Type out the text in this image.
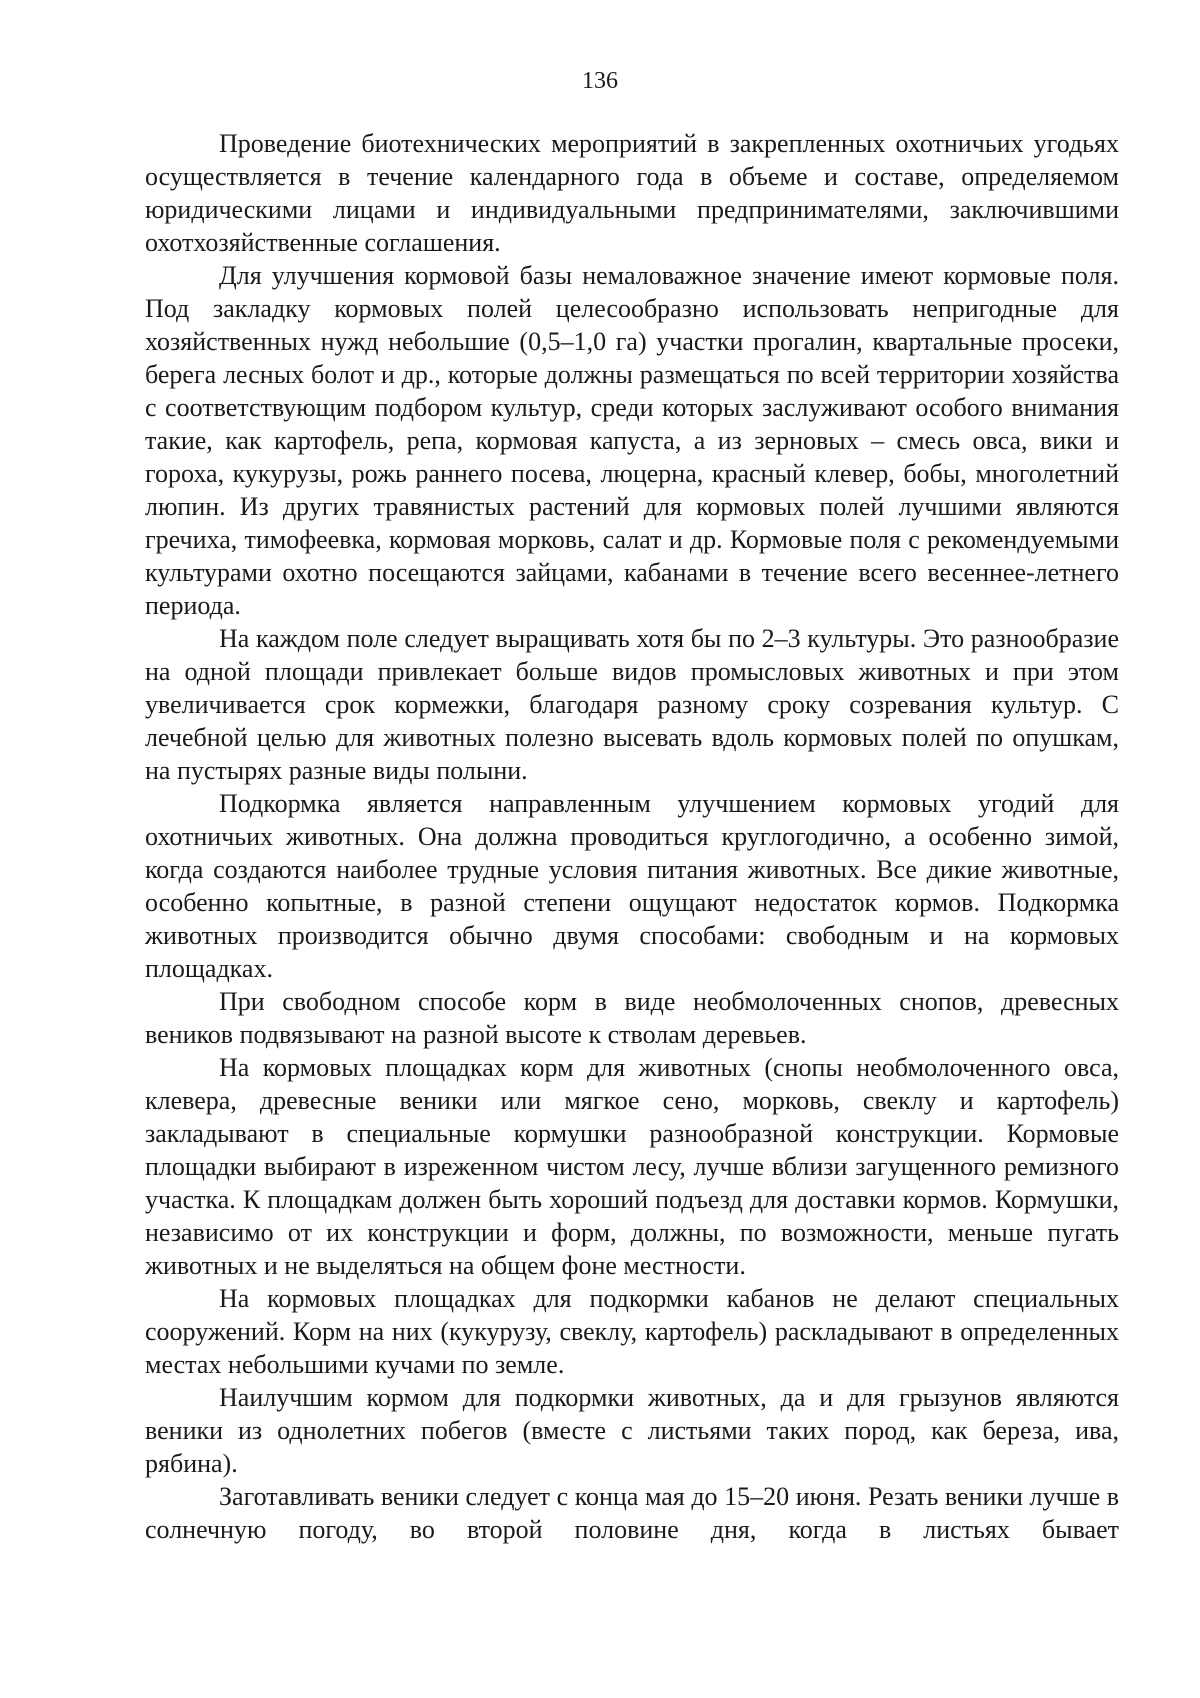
136

Проведение биотехнических мероприятий в закрепленных охотничьих угодьях осуществляется в течение календарного года в объеме и составе, определяемом юридическими лицами и индивидуальными предпринимателями, заключившими охотхозяйственные соглашения.

Для улучшения кормовой базы немаловажное значение имеют кормовые поля. Под закладку кормовых полей целесообразно использовать непригодные для хозяйственных нужд небольшие (0,5–1,0 га) участки прогалин, квартальные просеки, берега лесных болот и др., которые должны размещаться по всей территории хозяйства с соответствующим подбором культур, среди которых заслуживают особого внимания такие, как картофель, репа, кормовая капуста, а из зерновых – смесь овса, вики и гороха, кукурузы, рожь раннего посева, люцерна, красный клевер, бобы, многолетний люпин. Из других травянистых растений для кормовых полей лучшими являются гречиха, тимофеевка, кормовая морковь, салат и др. Кормовые поля с рекомендуемыми культурами охотно посещаются зайцами, кабанами в течение всего весеннее-летнего периода.

На каждом поле следует выращивать хотя бы по 2–3 культуры. Это разнообразие на одной площади привлекает больше видов промысловых животных и при этом увеличивается срок кормежки, благодаря разному сроку созревания культур. С лечебной целью для животных полезно высевать вдоль кормовых полей по опушкам, на пустырях разные виды полыни.

Подкормка является направленным улучшением кормовых угодий для охотничьих животных. Она должна проводиться круглогодично, а особенно зимой, когда создаются наиболее трудные условия питания животных. Все дикие животные, особенно копытные, в разной степени ощущают недостаток кормов. Подкормка животных производится обычно двумя способами: свободным и на кормовых площадках.

При свободном способе корм в виде необмолоченных снопов, древесных веников подвязывают на разной высоте к стволам деревьев.

На кормовых площадках корм для животных (снопы необмолоченного овса, клевера, древесные веники или мягкое сено, морковь, свеклу и картофель) закладывают в специальные кормушки разнообразной конструкции. Кормовые площадки выбирают в изреженном чистом лесу, лучше вблизи загущенного ремизного участка. К площадкам должен быть хороший подъезд для доставки кормов. Кормушки, независимо от их конструкции и форм, должны, по возможности, меньше пугать животных и не выделяться на общем фоне местности.

На кормовых площадках для подкормки кабанов не делают специальных сооружений. Корм на них (кукурузу, свеклу, картофель) раскладывают в определенных местах небольшими кучами по земле.

Наилучшим кормом для подкормки животных, да и для грызунов являются веники из однолетних побегов (вместе с листьями таких пород, как береза, ива, рябина).

Заготавливать веники следует с конца мая до 15–20 июня. Резать веники лучше в солнечную погоду, во второй половине дня, когда в листьях бывает
